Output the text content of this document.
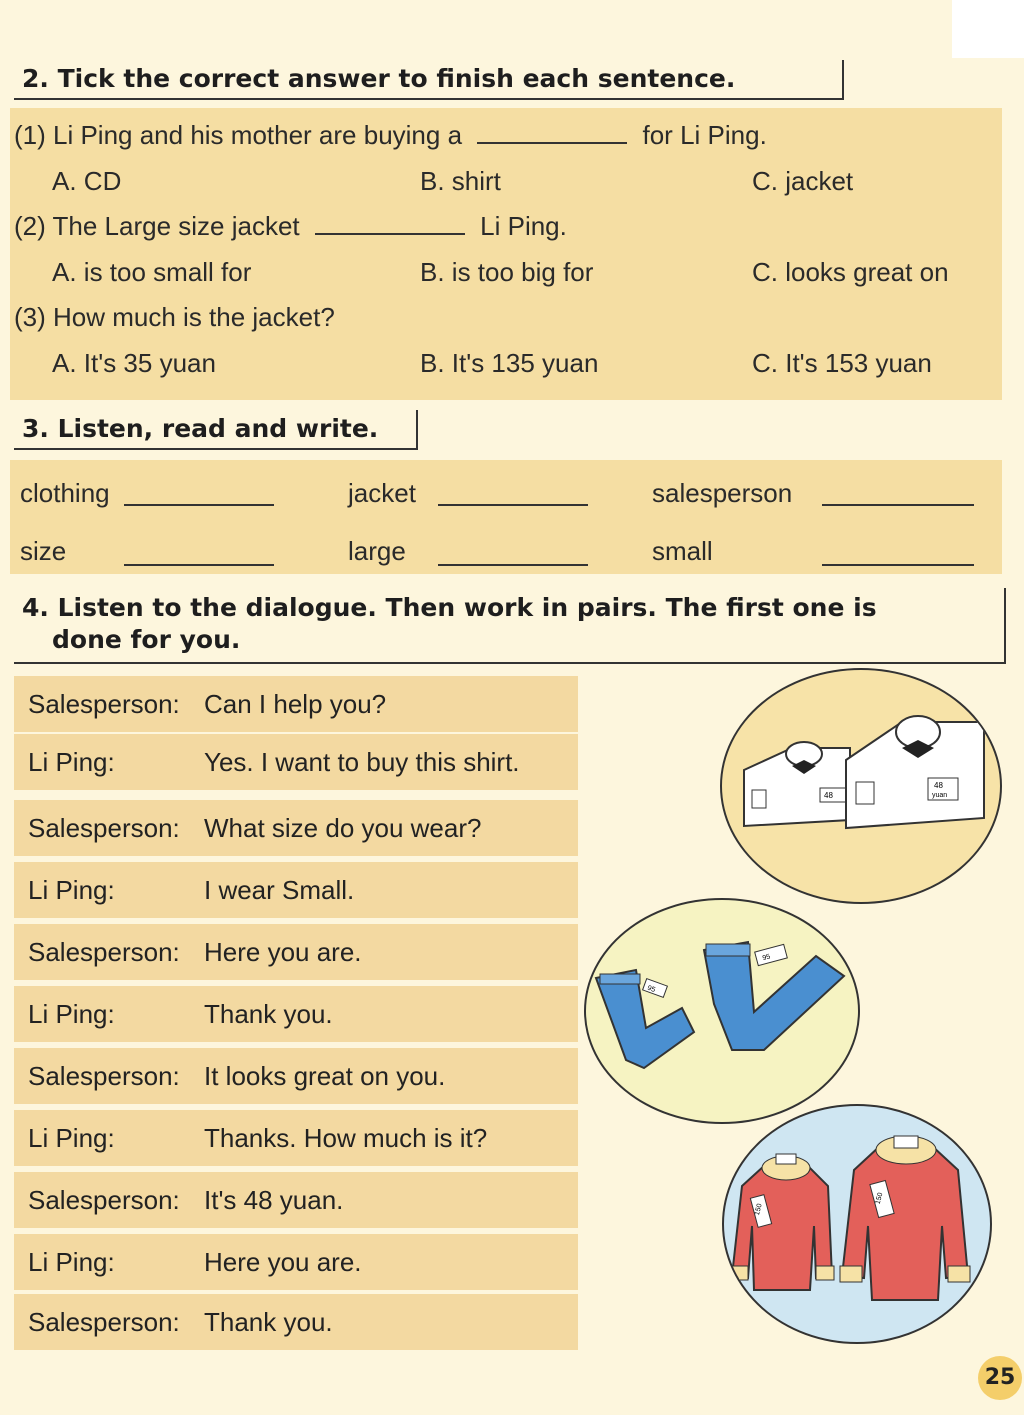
2. Tick the correct answer to finish each sentence.
(1) Li Ping and his mother are buying a	for Li Ping.
A. CD	B. shirt	C. jacket
(2) The Large size jacket	Li Ping.
A. is too small for	B. is too big for	C. looks great on
(3) How much is the jacket?
A. It's 35 yuan	B. It's 135 yuan	C. It's 153 yuan
3. Listen, read and write.
clothing	jacket	salesperson
size	large	small
4. Listen to the dialogue. Then work in pairs. The first one is
done for you.
Salesperson: Can I help you?
Li Ping:	Yes. I want to buy this shirt.
Salesperson: What size do you wear?
Li Ping:	I wear Small.
Salesperson: Here you are.
Li Ping:	Thank you.
Salesperson: It looks great on you.
Li Ping:	Thanks. How much is it?
Salesperson: It's 48 yuan.
Li Ping:	Here you are.
Salesperson: Thank you.
48
48
yuan
95
95
150
150
25
